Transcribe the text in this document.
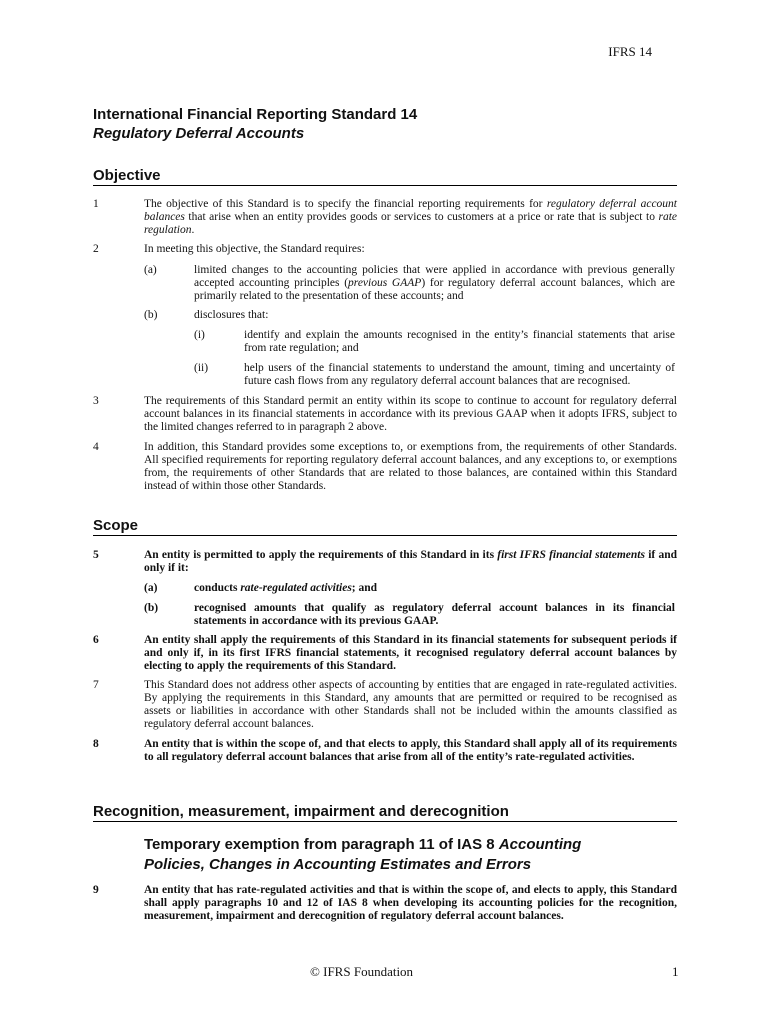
IFRS 14
International Financial Reporting Standard 14
Regulatory Deferral Accounts
Objective
1	The objective of this Standard is to specify the financial reporting requirements for regulatory deferral account balances that arise when an entity provides goods or services to customers at a price or rate that is subject to rate regulation.
2	In meeting this objective, the Standard requires:
(a)	limited changes to the accounting policies that were applied in accordance with previous generally accepted accounting principles (previous GAAP) for regulatory deferral account balances, which are primarily related to the presentation of these accounts; and
(b)	disclosures that:
(i)	identify and explain the amounts recognised in the entity’s financial statements that arise from rate regulation; and
(ii)	help users of the financial statements to understand the amount, timing and uncertainty of future cash flows from any regulatory deferral account balances that are recognised.
3	The requirements of this Standard permit an entity within its scope to continue to account for regulatory deferral account balances in its financial statements in accordance with its previous GAAP when it adopts IFRS, subject to the limited changes referred to in paragraph 2 above.
4	In addition, this Standard provides some exceptions to, or exemptions from, the requirements of other Standards. All specified requirements for reporting regulatory deferral account balances, and any exceptions to, or exemptions from, the requirements of other Standards that are related to those balances, are contained within this Standard instead of within those other Standards.
Scope
5	An entity is permitted to apply the requirements of this Standard in its first IFRS financial statements if and only if it:
(a)	conducts rate-regulated activities; and
(b)	recognised amounts that qualify as regulatory deferral account balances in its financial statements in accordance with its previous GAAP.
6	An entity shall apply the requirements of this Standard in its financial statements for subsequent periods if and only if, in its first IFRS financial statements, it recognised regulatory deferral account balances by electing to apply the requirements of this Standard.
7	This Standard does not address other aspects of accounting by entities that are engaged in rate-regulated activities. By applying the requirements in this Standard, any amounts that are permitted or required to be recognised as assets or liabilities in accordance with other Standards shall not be included within the amounts classified as regulatory deferral account balances.
8	An entity that is within the scope of, and that elects to apply, this Standard shall apply all of its requirements to all regulatory deferral account balances that arise from all of the entity’s rate-regulated activities.
Recognition, measurement, impairment and derecognition
Temporary exemption from paragraph 11 of IAS 8 Accounting
Policies, Changes in Accounting Estimates and Errors
9	An entity that has rate-regulated activities and that is within the scope of, and elects to apply, this Standard shall apply paragraphs 10 and 12 of IAS 8 when developing its accounting policies for the recognition, measurement, impairment and derecognition of regulatory deferral account balances.
© IFRS Foundation	1
